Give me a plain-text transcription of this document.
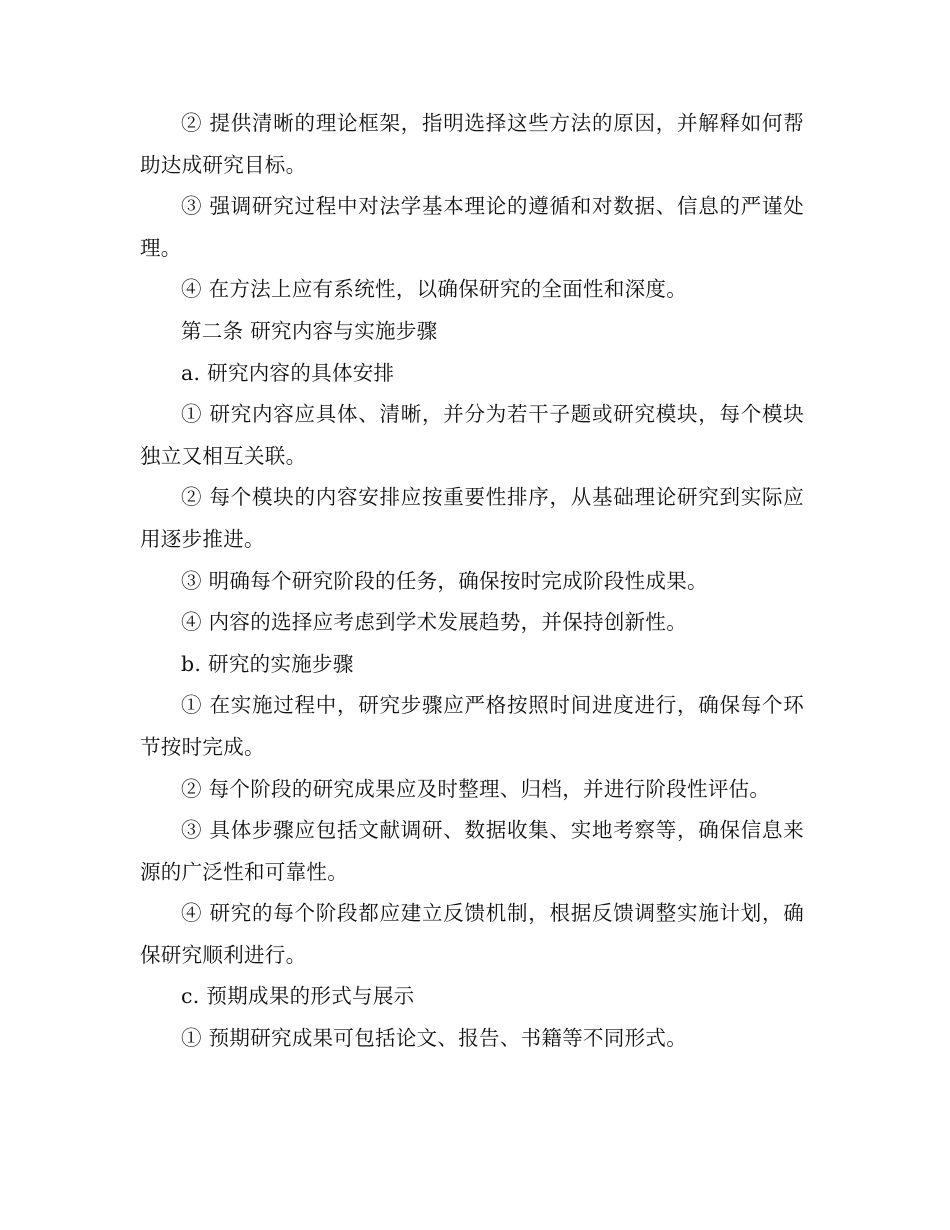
② 提供清晰的理论框架，指明选择这些方法的原因，并解释如何帮助达成研究目标。

③ 强调研究过程中对法学基本理论的遵循和对数据、信息的严谨处理。

④ 在方法上应有系统性，以确保研究的全面性和深度。

第二条 研究内容与实施步骤

a. 研究内容的具体安排

① 研究内容应具体、清晰，并分为若干子题或研究模块，每个模块独立又相互关联。

② 每个模块的内容安排应按重要性排序，从基础理论研究到实际应用逐步推进。

③ 明确每个研究阶段的任务，确保按时完成阶段性成果。

④ 内容的选择应考虑到学术发展趋势，并保持创新性。

b. 研究的实施步骤

① 在实施过程中，研究步骤应严格按照时间进度进行，确保每个环节按时完成。

② 每个阶段的研究成果应及时整理、归档，并进行阶段性评估。

③ 具体步骤应包括文献调研、数据收集、实地考察等，确保信息来源的广泛性和可靠性。

④ 研究的每个阶段都应建立反馈机制，根据反馈调整实施计划，确保研究顺利进行。

c. 预期成果的形式与展示

① 预期研究成果可包括论文、报告、书籍等不同形式。
